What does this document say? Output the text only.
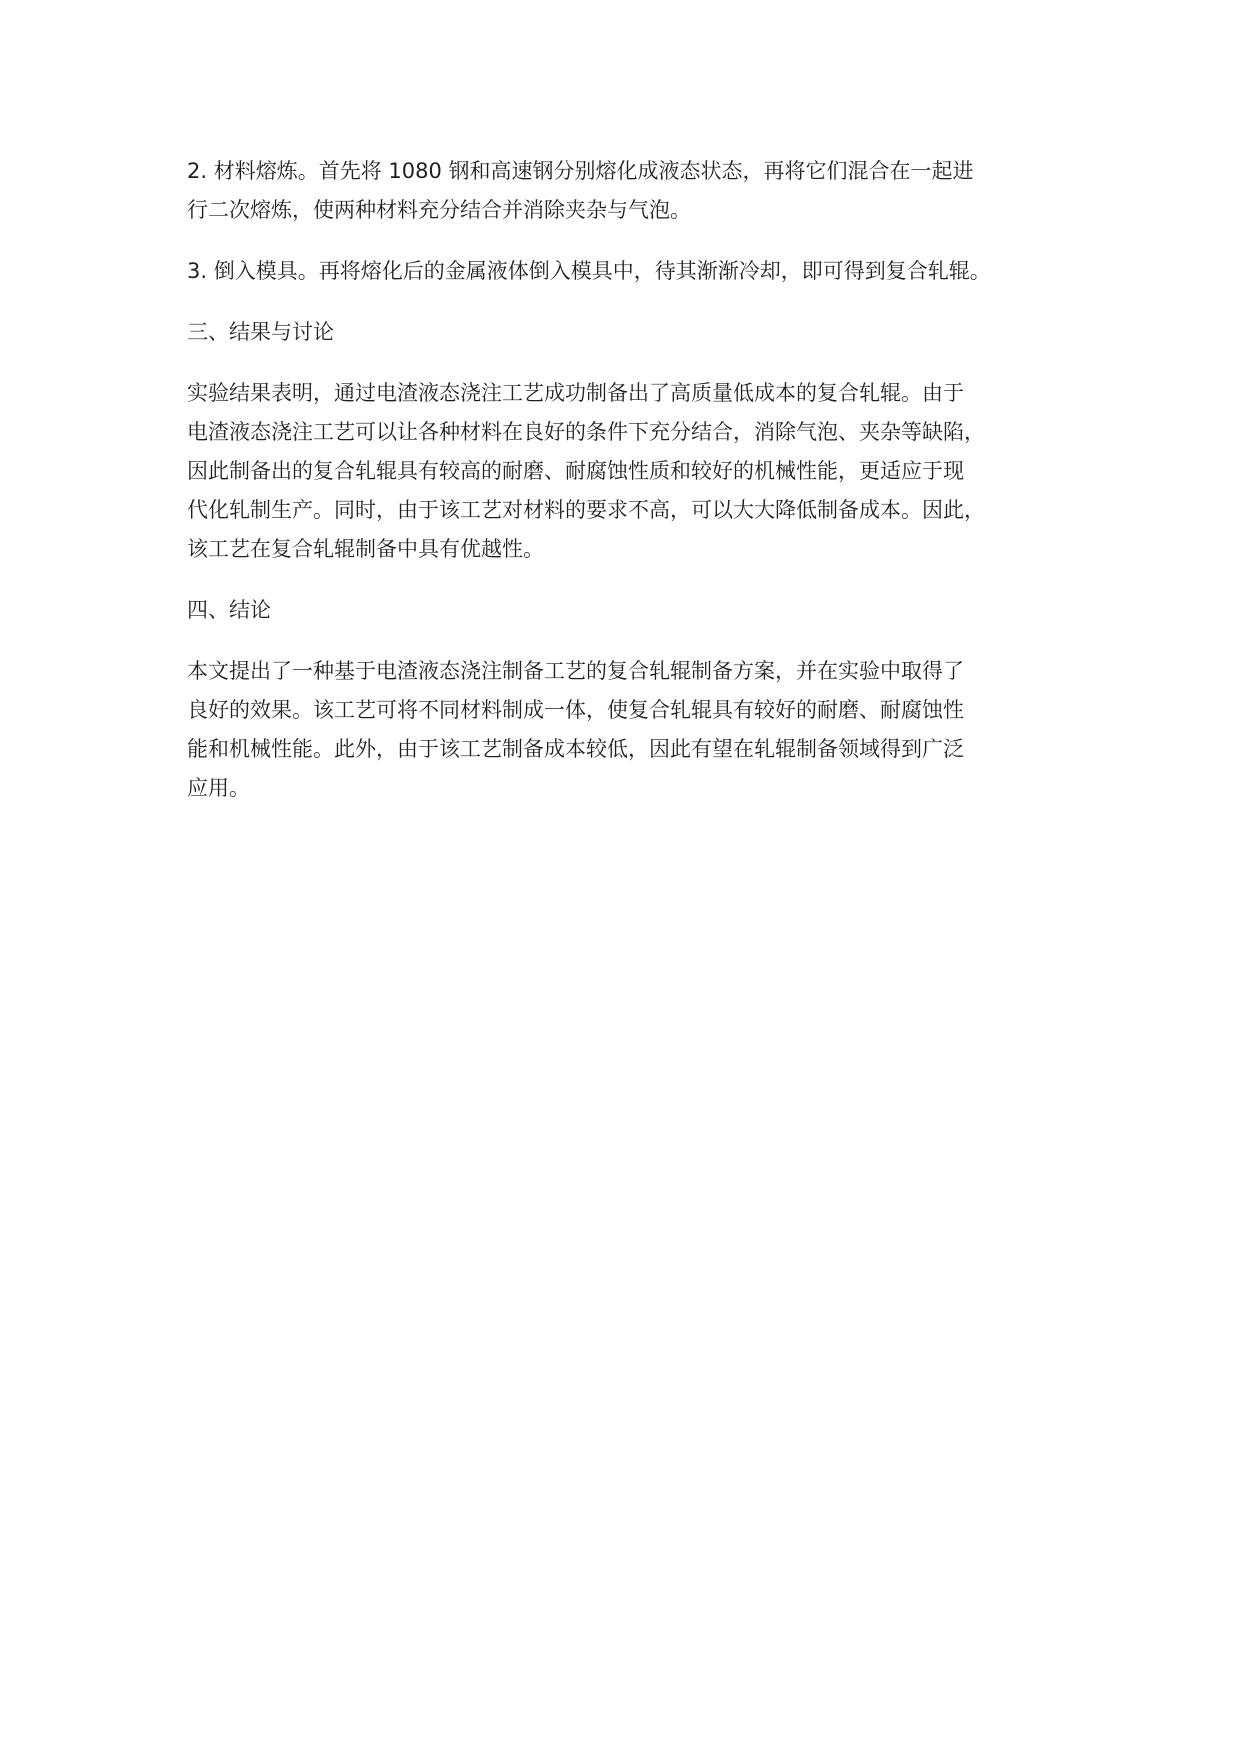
2. 材料熔炼。首先将 1080 钢和高速钢分别熔化成液态状态，再将它们混合在一起进
行二次熔炼，使两种材料充分结合并消除夹杂与气泡。

3. 倒入模具。再将熔化后的金属液体倒入模具中，待其渐渐冷却，即可得到复合轧辊。

三、结果与讨论

实验结果表明，通过电渣液态浇注工艺成功制备出了高质量低成本的复合轧辊。由于
电渣液态浇注工艺可以让各种材料在良好的条件下充分结合，消除气泡、夹杂等缺陷，
因此制备出的复合轧辊具有较高的耐磨、耐腐蚀性质和较好的机械性能，更适应于现
代化轧制生产。同时，由于该工艺对材料的要求不高，可以大大降低制备成本。因此，
该工艺在复合轧辊制备中具有优越性。

四、结论

本文提出了一种基于电渣液态浇注制备工艺的复合轧辊制备方案，并在实验中取得了
良好的效果。该工艺可将不同材料制成一体，使复合轧辊具有较好的耐磨、耐腐蚀性
能和机械性能。此外，由于该工艺制备成本较低，因此有望在轧辊制备领域得到广泛
应用。
